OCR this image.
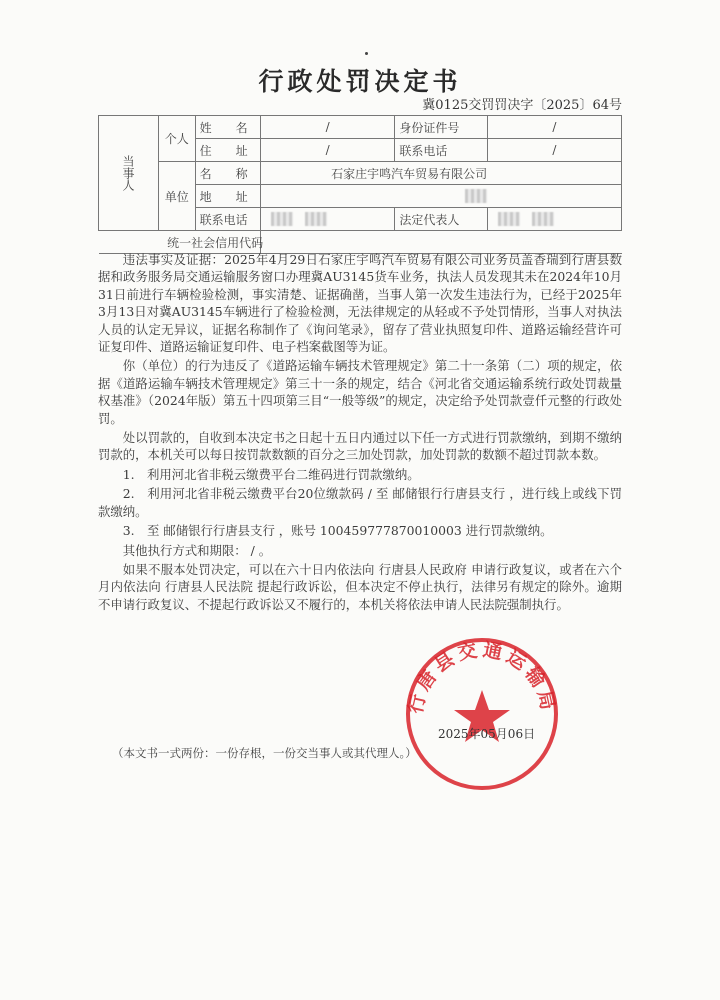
行政处罚决定书
冀0125交罚罚决字〔2025〕64号
当事人	个人	姓　　名	/	身份证件号	/
		住　　址	/	联系电话	/
	单位	名　　称	石家庄宇鸣汽车贸易有限公司		
		地　　址			
		联系电话		法定代表人	
			统一社会信用代码		

违法事实及证据：2025年4月29日石家庄宇鸣汽车贸易有限公司业务员盖香瑞到行唐县数据和政务服务局交通运输服务窗口办理冀AU3145货车业务，执法人员发现其未在2024年10月31日前进行车辆检验检测，事实清楚、证据确凿，当事人第一次发生违法行为，已经于2025年3月13日对冀AU3145车辆进行了检验检测，无法律规定的从轻或不予处罚情形，当事人对执法人员的认定无异议，证据名称制作了《询问笔录》，留存了营业执照复印件、道路运输经营许可证复印件、道路运输证复印件、电子档案截图等为证。

你（单位）的行为违反了《道路运输车辆技术管理规定》第二十一条第（二）项的规定，依据《道路运输车辆技术管理规定》第三十一条的规定，结合《河北省交通运输系统行政处罚裁量权基准》（2024年版）第五十四项第三目“一般等级”的规定，决定给予处罚款壹仟元整的行政处罚。

处以罚款的，自收到本决定书之日起十五日内通过以下任一方式进行罚款缴纳，到期不缴纳罚款的，本机关可以每日按罚款数额的百分之三加处罚款，加处罚款的数额不超过罚款本数。

1.　利用河北省非税云缴费平台二维码进行罚款缴纳。

2.　利用河北省非税云缴费平台20位缴款码 / 至 邮储银行行唐县支行 ，进行线上或线下罚款缴纳。

3.　至 邮储银行行唐县支行 ，账号 100459777870010003 进行罚款缴纳。

其他执行方式和期限： / 。

如果不服本处罚决定，可以在六十日内依法向 行唐县人民政府 申请行政复议，或者在六个月内依法向 行唐县人民法院 提起行政诉讼，但本决定不停止执行，法律另有规定的除外。逾期不申请行政复议、不提起行政诉讼又不履行的，本机关将依法申请人民法院强制执行。

行唐县交通运输局
2025年05月06日
（本文书一式两份：一份存根，一份交当事人或其代理人。）
